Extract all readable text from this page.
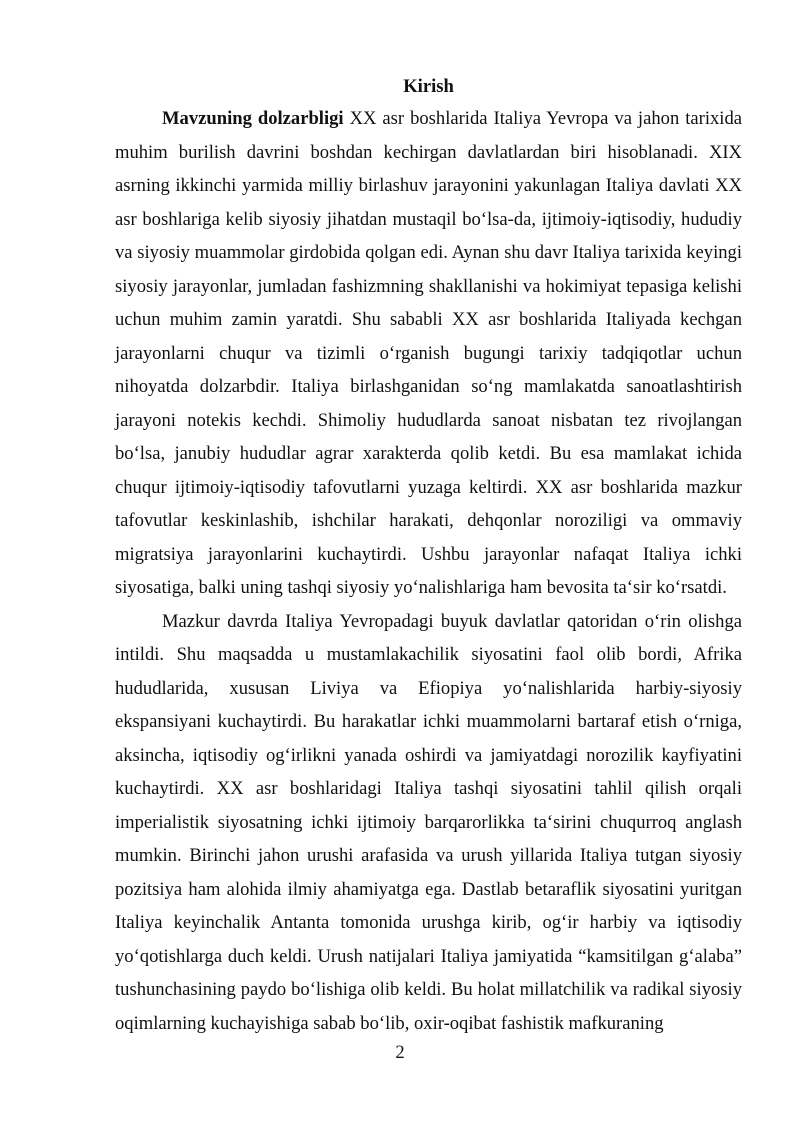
Kirish

Mavzuning dolzarbligi XX asr boshlarida Italiya Yevropa va jahon tarixida muhim burilish davrini boshdan kechirgan davlatlardan biri hisoblanadi. XIX asrning ikkinchi yarmida milliy birlashuv jarayonini yakunlagan Italiya davlati XX asr boshlariga kelib siyosiy jihatdan mustaqil bo‘lsa-da, ijtimoiy-iqtisodiy, hududiy va siyosiy muammolar girdobida qolgan edi. Aynan shu davr Italiya tarixida keyingi siyosiy jarayonlar, jumladan fashizmning shakllanishi va hokimiyat tepasiga kelishi uchun muhim zamin yaratdi. Shu sababli XX asr boshlarida Italiyada kechgan jarayonlarni chuqur va tizimli o‘rganish bugungi tarixiy tadqiqotlar uchun nihoyatda dolzarbdir. Italiya birlashganidan so‘ng mamlakatda sanoatlashtirish jarayoni notekis kechdi. Shimoliy hududlarda sanoat nisbatan tez rivojlangan bo‘lsa, janubiy hududlar agrar xarakterda qolib ketdi. Bu esa mamlakat ichida chuqur ijtimoiy-iqtisodiy tafovutlarni yuzaga keltirdi. XX asr boshlarida mazkur tafovutlar keskinlashib, ishchilar harakati, dehqonlar noroziligi va ommaviy migratsiya jarayonlarini kuchaytirdi. Ushbu jarayonlar nafaqat Italiya ichki siyosatiga, balki uning tashqi siyosiy yo‘nalishlariga ham bevosita ta‘sir ko‘rsatdi.

Mazkur davrda Italiya Yevropadagi buyuk davlatlar qatoridan o‘rin olishga intildi. Shu maqsadda u mustamlakachilik siyosatini faol olib bordi, Afrika hududlarida, xususan Liviya va Efiopiya yo‘nalishlarida harbiy-siyosiy ekspansiyani kuchaytirdi. Bu harakatlar ichki muammolarni bartaraf etish o‘rniga, aksincha, iqtisodiy og‘irlikni yanada oshirdi va jamiyatdagi norozilik kayfiyatini kuchaytirdi. XX asr boshlaridagi Italiya tashqi siyosatini tahlil qilish orqali imperialistik siyosatning ichki ijtimoiy barqarorlikka ta‘sirini chuqurroq anglash mumkin. Birinchi jahon urushi arafasida va urush yillarida Italiya tutgan siyosiy pozitsiya ham alohida ilmiy ahamiyatga ega. Dastlab betaraflik siyosatini yuritgan Italiya keyinchalik Antanta tomonida urushga kirib, og‘ir harbiy va iqtisodiy yo‘qotishlarga duch keldi. Urush natijalari Italiya jamiyatida “kamsitilgan g‘alaba” tushunchasining paydo bo‘lishiga olib keldi. Bu holat millatchilik va radikal siyosiy oqimlarning kuchayishiga sabab bo‘lib, oxir-oqibat fashistik mafkuraning

2
